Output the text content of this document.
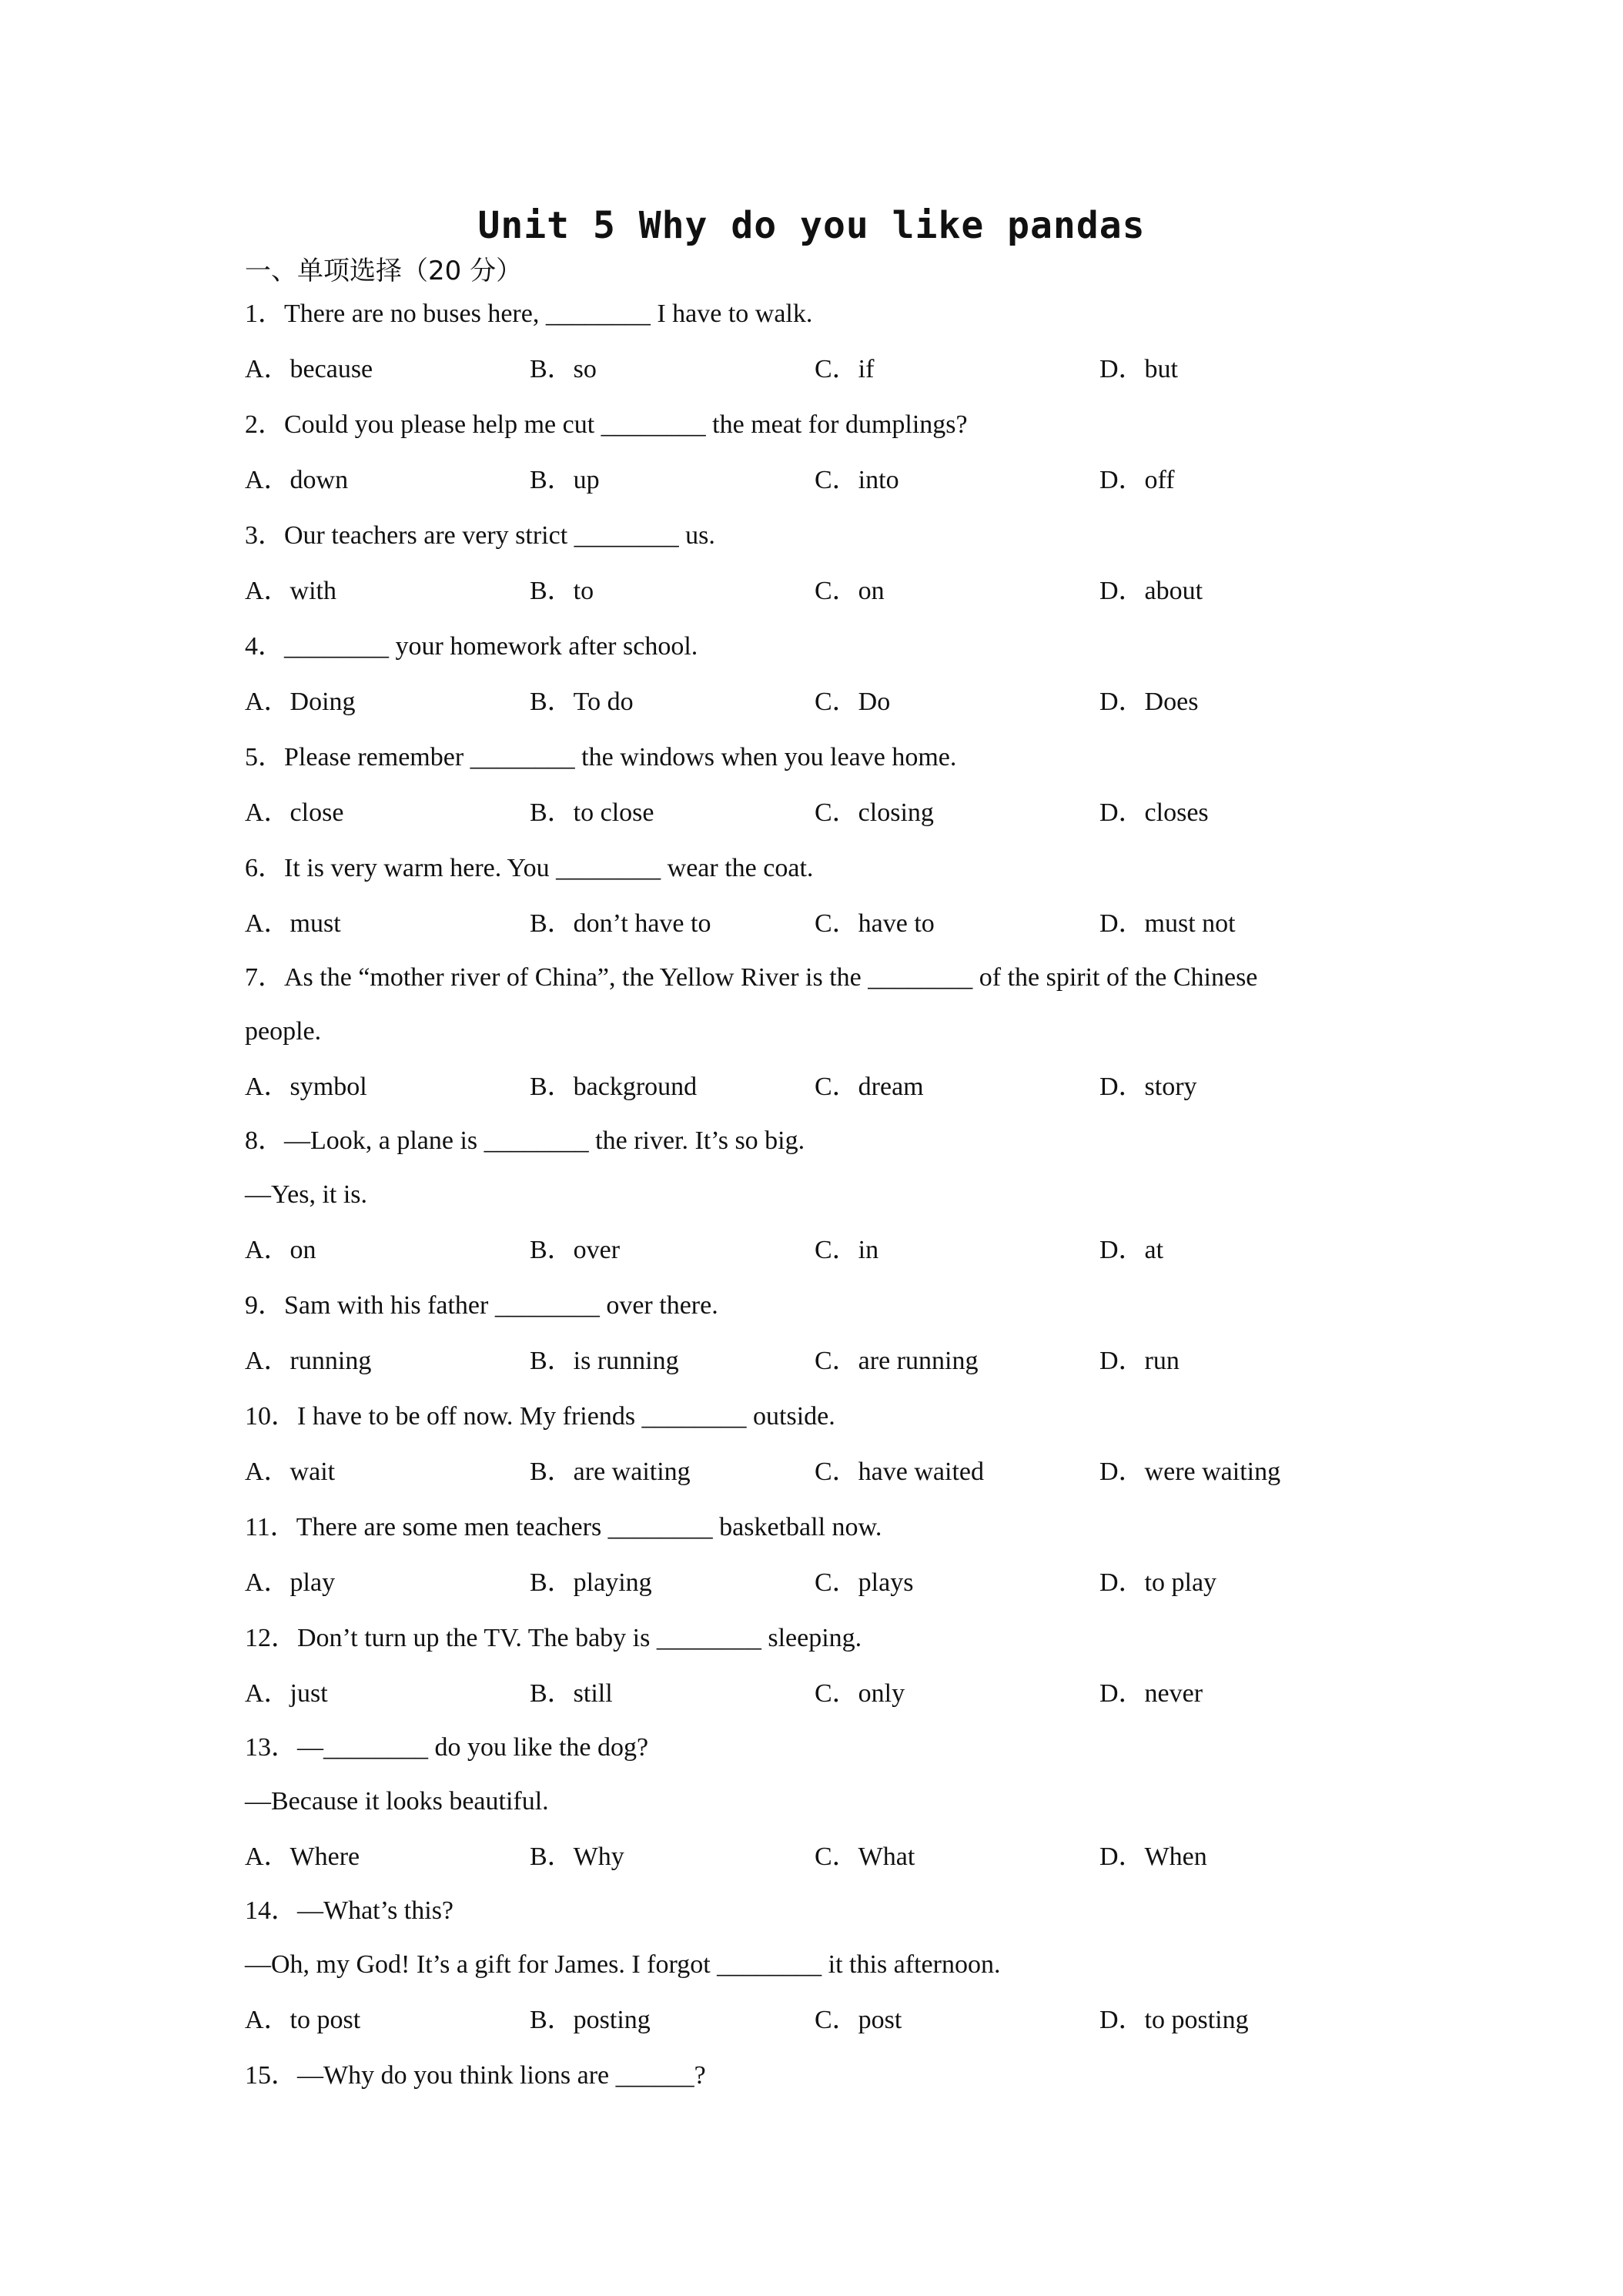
Unit 5 Why do you like pandas
一、单项选择（20 分）
1．There are no buses here, ________ I have to walk.
A．because	B．so	C．if	D．but
2．Could you please help me cut ________ the meat for dumplings?
A．down	B．up	C．into	D．off
3．Our teachers are very strict ________ us.
A．with	B．to	C．on	D．about
4．________ your homework after school.
A．Doing	B．To do	C．Do	D．Does
5．Please remember ________ the windows when you leave home.
A．close	B．to close	C．closing	D．closes
6．It is very warm here. You ________ wear the coat.
A．must	B．don’t have to	C．have to	D．must not
7．As the “mother river of China”, the Yellow River is the ________ of the spirit of the Chinese
people.
A．symbol	B．background	C．dream	D．story
8．—Look, a plane is ________ the river. It’s so big.
—Yes, it is.
A．on	B．over	C．in	D．at
9．Sam with his father ________ over there.
A．running	B．is running	C．are running	D．run
10．I have to be off now. My friends ________ outside.
A．wait	B．are waiting	C．have waited	D．were waiting
11．There are some men teachers ________ basketball now.
A．play	B．playing	C．plays	D．to play
12．Don’t turn up the TV. The baby is ________ sleeping.
A．just	B．still	C．only	D．never
13．—________ do you like the dog?
—Because it looks beautiful.
A．Where	B．Why	C．What	D．When
14．—What’s this?
—Oh, my God! It’s a gift for James. I forgot ________ it this afternoon.
A．to post	B．posting	C．post	D．to posting
15．—Why do you think lions are ______?
